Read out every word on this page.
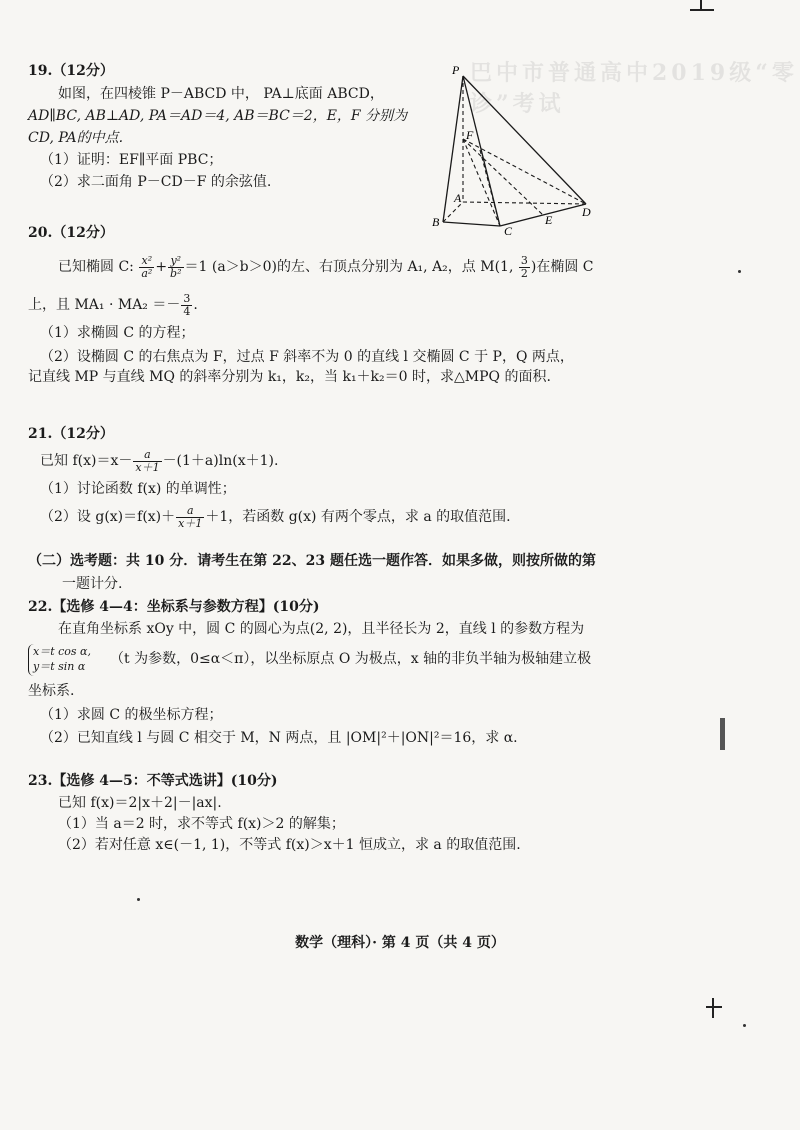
巴中市普通高中2019级“零诊”考试
19.（12分）
如图，在四棱锥 P－ABCD 中， PA⊥底面 ABCD，
AD∥BC, AB⊥AD, PA＝AD＝4, AB＝BC＝2，E，F 分别为
CD, PA的中点.
（1）证明：EF∥平面 PBC；
（2）求二面角 P－CD－F 的余弦值.
P
F
A
B
C
D
E
20.（12分）
已知椭圆 C: $\frac{\text{x²}}{\text{a²}} + \frac{\text{y²}}{\text{b²}} =1$ (a＞b＞0)的左、右顶点分别为 A₁, A₂，点 M(1, $\frac{3}{2}$ )在椭圆 C
上，且 $MA_1 \cdot MA_2 =- \frac{3}{4}$ .
（1）求椭圆 C 的方程；
（2）设椭圆 C 的右焦点为 F，过点 F 斜率不为 0 的直线 l 交椭圆 C 于 P，Q 两点，
记直线 MP 与直线 MQ 的斜率分别为 k₁，k₂，当 k₁＋k₂＝0 时，求△MPQ 的面积.
21.（12分）
已知 $f(x)=x- \frac{a}{x+1} -(1+a)\ln(x+1)$.
（1）讨论函数 f(x) 的单调性；
（2）设 $g(x)=f(x)+ \frac{a}{x+1} +1$，若函数 g(x) 有两个零点，求 a 的取值范围.
（二）选考题：共 10 分．请考生在第 22、23 题任选一题作答．如果多做，则按所做的第
一题计分.
22.【选修 4—4：坐标系与参数方程】(10分)
在直角坐标系 xOy 中，圆 C 的圆心为点(2, 2)，且半径长为 2，直线 l 的参数方程为
x＝t cos α,
y＝t sin α	（t 为参数，0≤α＜π），以坐标原点 O 为极点，x 轴的非负半轴为极轴建立极
坐标系.
（1）求圆 C 的极坐标方程；
（2）已知直线 l 与圆 C 相交于 M，N 两点，且 |OM|²＋|ON|²＝16，求 α.
23.【选修 4—5：不等式选讲】(10分)
已知 f(x)＝2|x＋2|－|ax|.
（1）当 a＝2 时，求不等式 f(x)＞2 的解集；
（2）若对任意 x∈(－1, 1)，不等式 f(x)＞x＋1 恒成立，求 a 的取值范围.
数学（理科）· 第 4 页（共 4 页）
